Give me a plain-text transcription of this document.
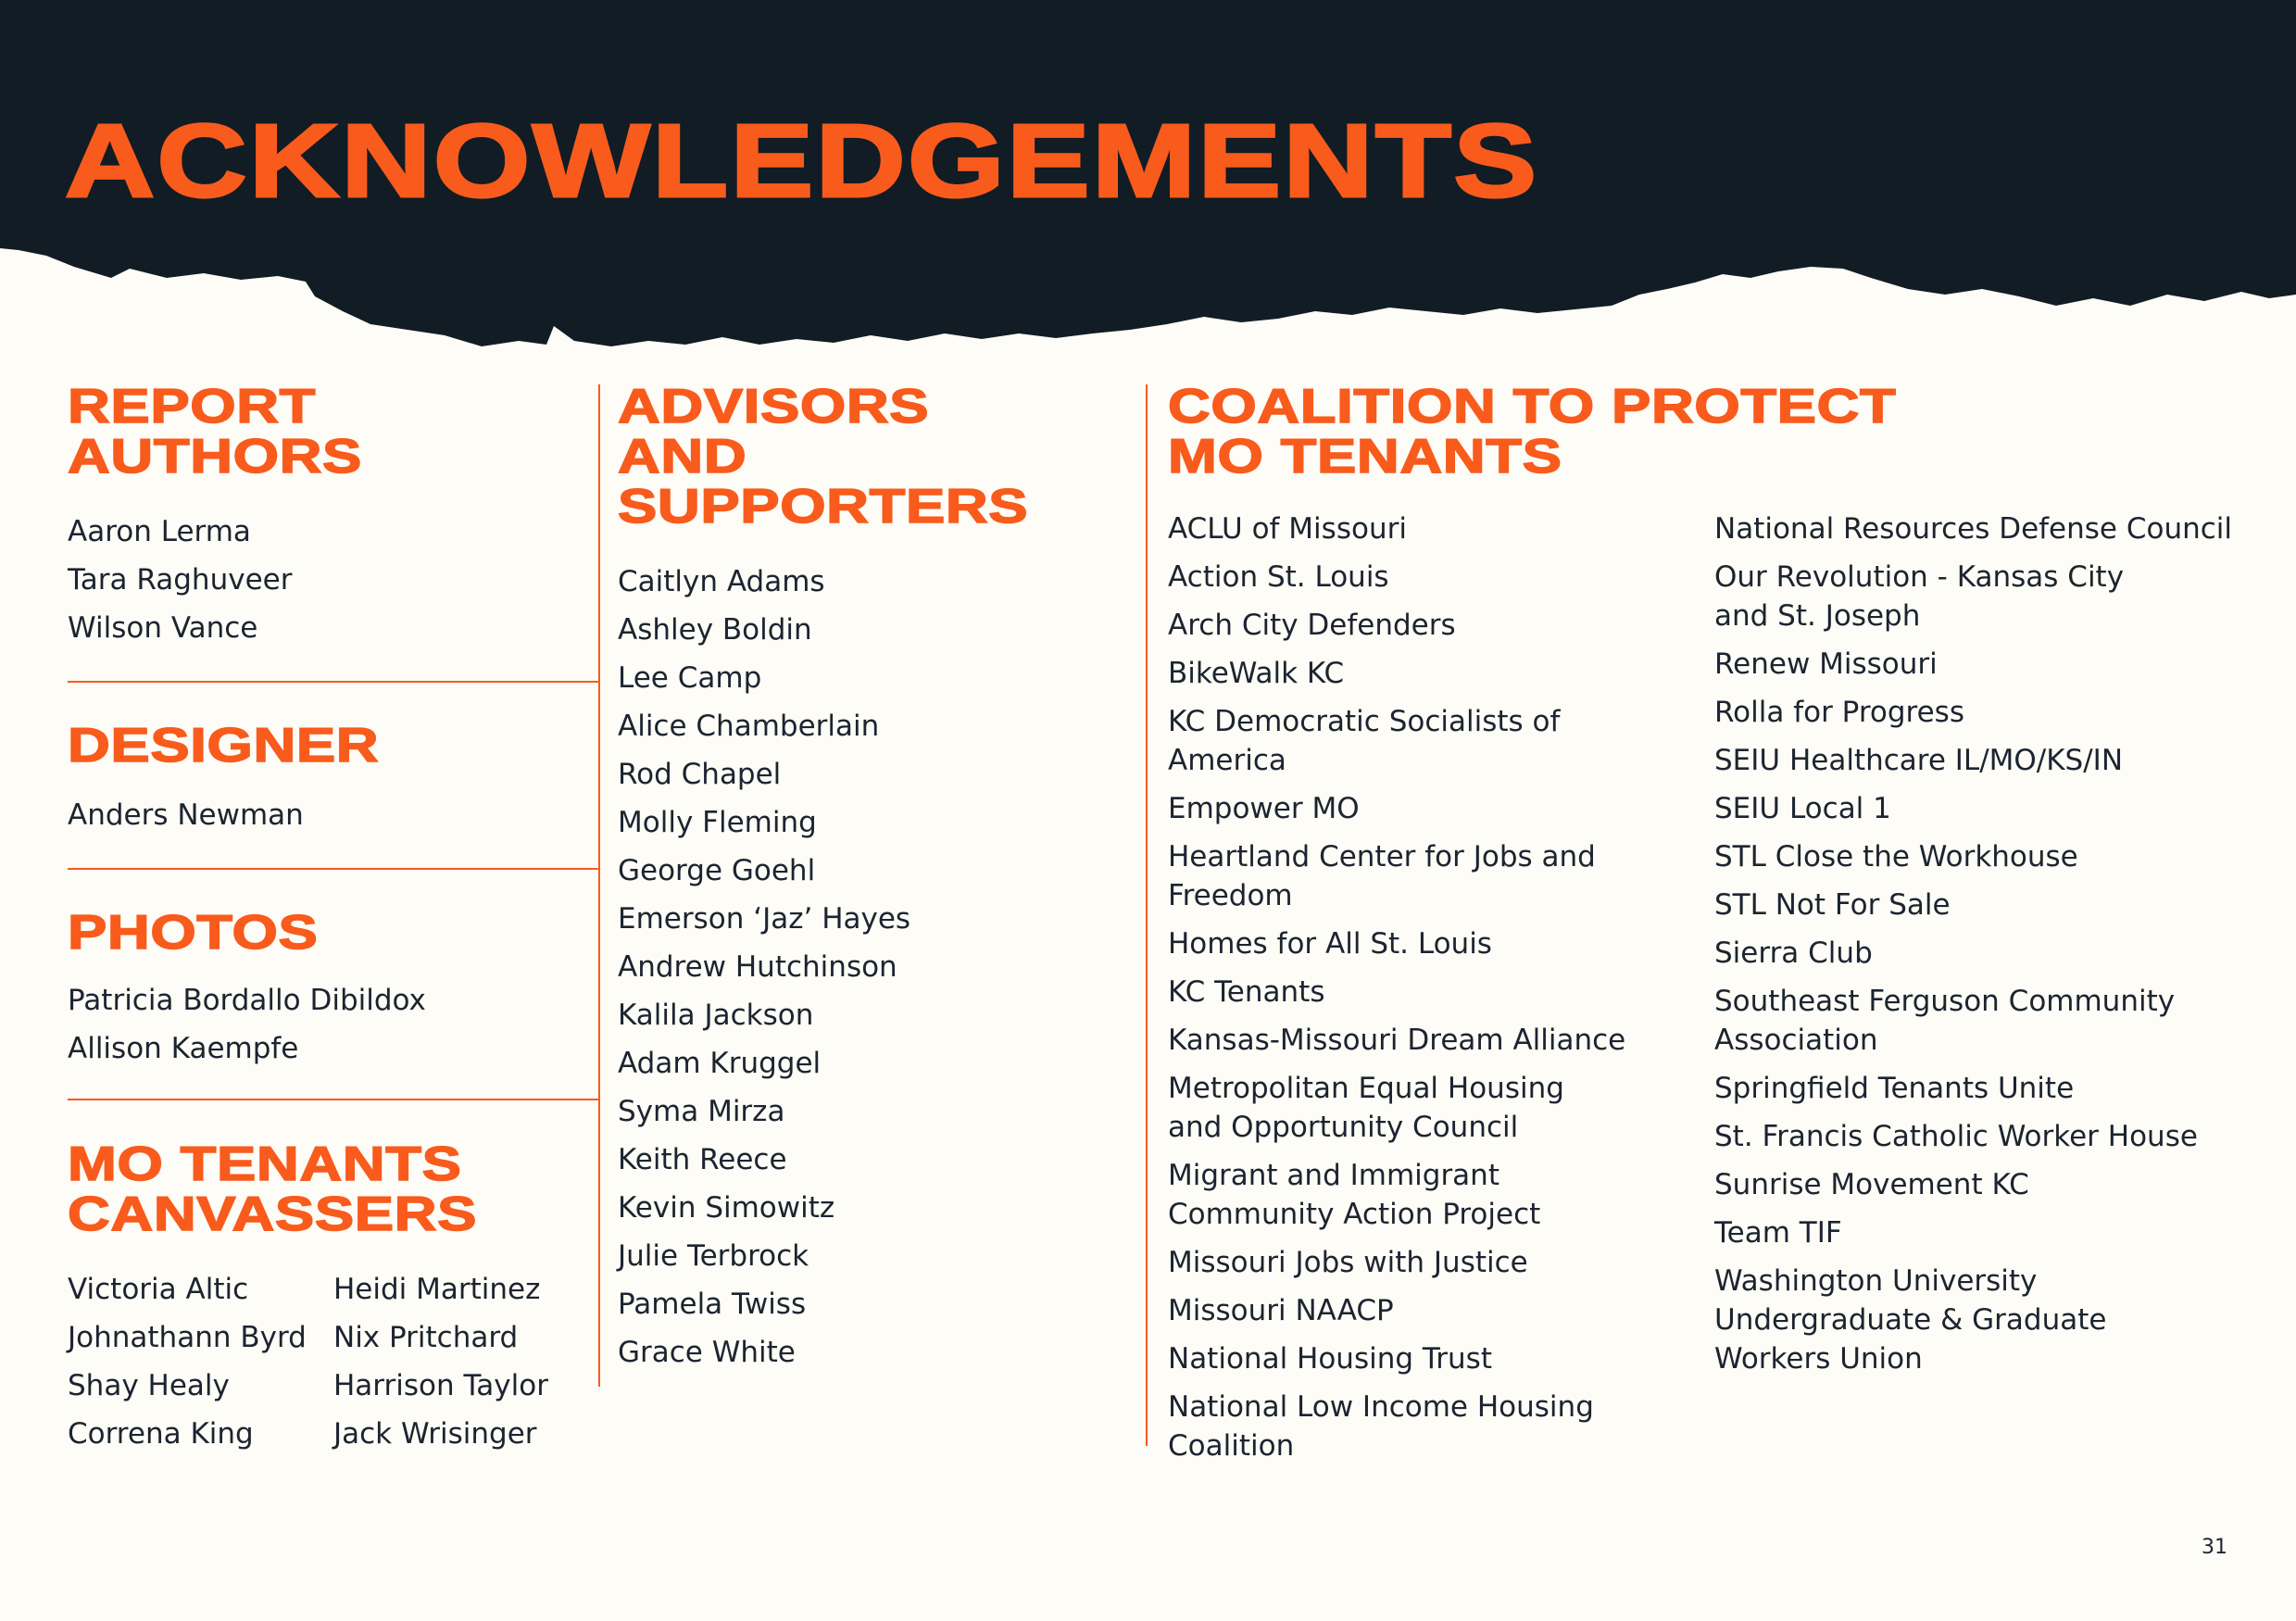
ACKNOWLEDGEMENTS
REPORT
AUTHORS
Aaron Lerma
Tara Raghuveer
Wilson Vance
DESIGNER
Anders Newman
PHOTOS
Patricia Bordallo Dibildox
Allison Kaempfe
MO TENANTS
CANVASSERS
Victoria Altic
Johnathann Byrd
Shay Healy
Correna King
Heidi Martinez
Nix Pritchard
Harrison Taylor
Jack Wrisinger
ADVISORS
AND
SUPPORTERS
Caitlyn Adams
Ashley Boldin
Lee Camp
Alice Chamberlain
Rod Chapel
Molly Fleming
George Goehl
Emerson ‘Jaz’ Hayes
Andrew Hutchinson
Kalila Jackson
Adam Kruggel
Syma Mirza
Keith Reece
Kevin Simowitz
Julie Terbrock
Pamela Twiss
Grace White
COALITION TO PROTECT
MO TENANTS
ACLU of Missouri
Action St. Louis
Arch City Defenders
BikeWalk KC
KC Democratic Socialists of America
Empower MO
Heartland Center for Jobs and Freedom
Homes for All St. Louis
KC Tenants
Kansas-Missouri Dream Alliance
Metropolitan Equal Housing and Opportunity Council
Migrant and Immigrant Community Action Project
Missouri Jobs with Justice
Missouri NAACP
National Housing Trust
National Low Income Housing Coalition
National Resources Defense Council
Our Revolution - Kansas City and St. Joseph
Renew Missouri
Rolla for Progress
SEIU Healthcare IL/MO/KS/IN
SEIU Local 1
STL Close the Workhouse
STL Not For Sale
Sierra Club
Southeast Ferguson Community Association
Springfield Tenants Unite
St. Francis Catholic Worker House
Sunrise Movement KC
Team TIF
Washington University Undergraduate & Graduate Workers Union
31
